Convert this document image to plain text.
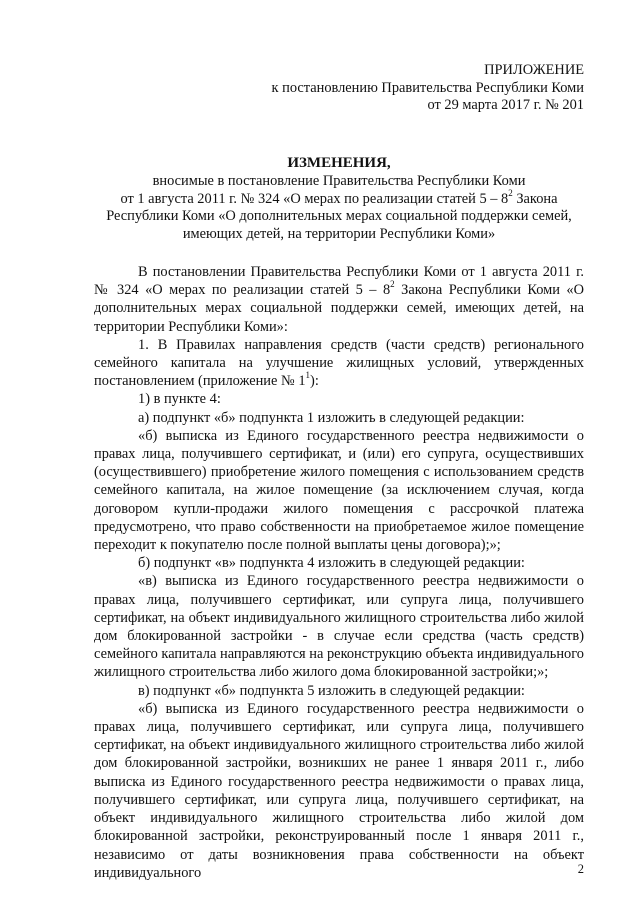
ПРИЛОЖЕНИЕ
к постановлению Правительства Республики Коми
от 29 марта 2017 г. № 201
ИЗМЕНЕНИЯ,
вносимые в постановление Правительства Республики Коми
от 1 августа 2011 г. № 324 «О мерах по реализации статей $5 - 8^2$ Закона
Республики Коми «О дополнительных мерах социальной поддержки семей,
имеющих детей, на территории Республики Коми»

В постановлении Правительства Республики Коми от 1 августа 2011 г. № 324 «О мерах по реализации статей $5 - 8^2$ Закона Республики Коми «О дополнительных мерах социальной поддержки семей, имеющих детей, на территории Республики Коми»:

1. В Правилах направления средств (части средств) регионального семейного капитала на улучшение жилищных условий, утвержденных постановлением (приложение № $1^1$):

1) в пункте 4:

а) подпункт «б» подпункта 1 изложить в следующей редакции:

«б) выписка из Единого государственного реестра недвижимости о правах лица, получившего сертификат, и (или) его супруга, осуществивших (осуществившего) приобретение жилого помещения с использованием средств семейного капитала, на жилое помещение (за исключением случая, когда договором купли-продажи жилого помещения с рассрочкой платежа предусмотрено, что право собственности на приобретаемое жилое помещение переходит к покупателю после полной выплаты цены договора);»;

б) подпункт «в» подпункта 4 изложить в следующей редакции:

«в) выписка из Единого государственного реестра недвижимости о правах лица, получившего сертификат, или супруга лица, получившего сертификат, на объект индивидуального жилищного строительства либо жилой дом блокированной застройки - в случае если средства (часть средств) семейного капитала направляются на реконструкцию объекта индивидуального жилищного строительства либо жилого дома блокированной застройки;»;

в) подпункт «б» подпункта 5 изложить в следующей редакции:

«б) выписка из Единого государственного реестра недвижимости о правах лица, получившего сертификат, или супруга лица, получившего сертификат, на объект индивидуального жилищного строительства либо жилой дом блокированной застройки, возникших не ранее 1 января 2011 г., либо выписка из Единого государственного реестра недвижимости о правах лица, получившего сертификат, или супруга лица, получившего сертификат, на объект индивидуального жилищного строительства либо жилой дом блокированной застройки, реконструированный после 1 января 2011 г., независимо от даты возникновения права собственности на объект индивидуального	2
